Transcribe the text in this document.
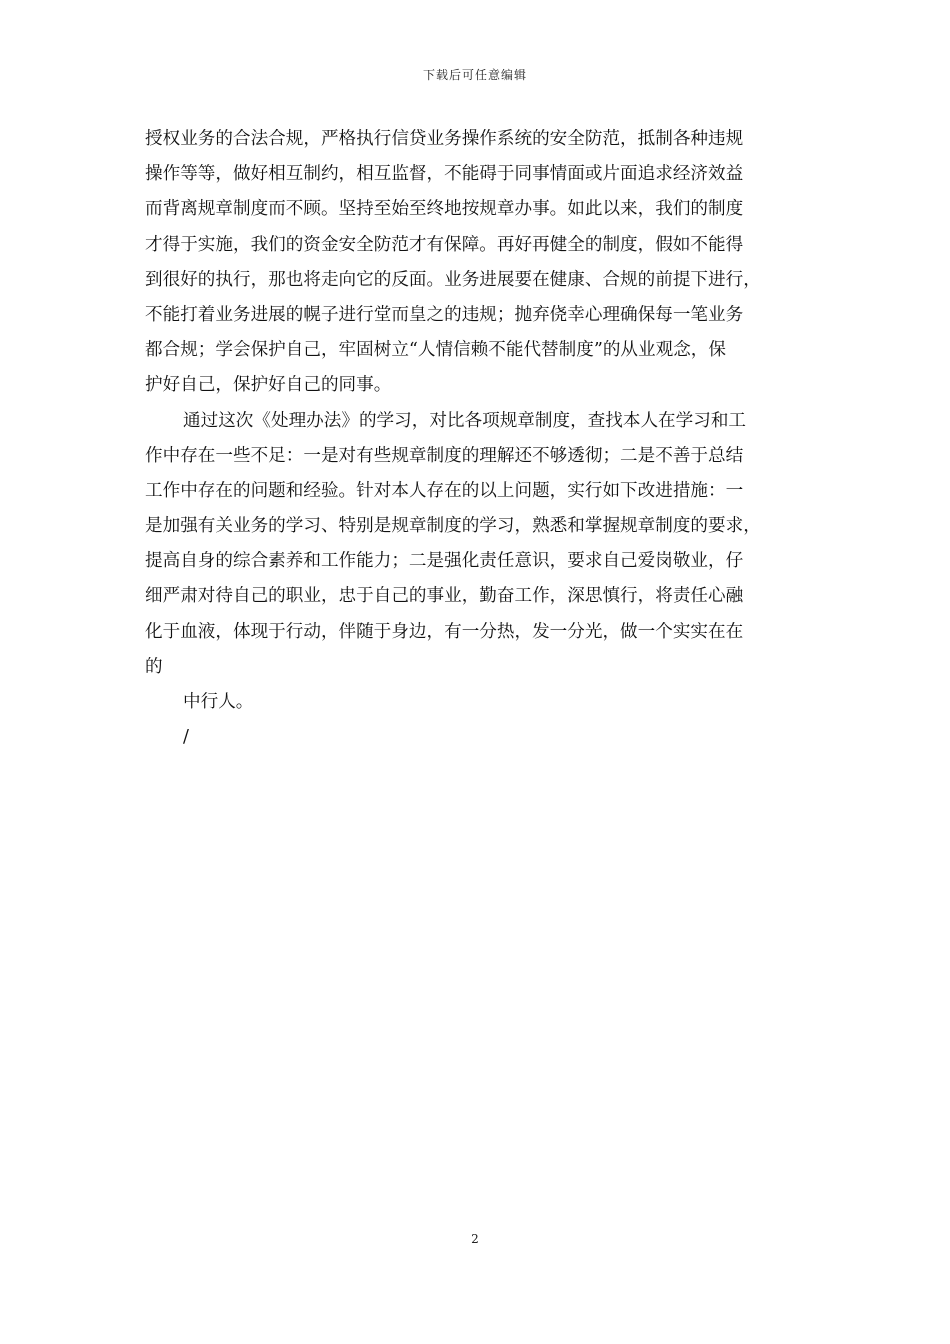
下载后可任意编辑
授权业务的合法合规，严格执行信贷业务操作系统的安全防范，抵制各种违规
操作等等，做好相互制约，相互监督，不能碍于同事情面或片面追求经济效益
而背离规章制度而不顾。坚持至始至终地按规章办事。如此以来，我们的制度
才得于实施，我们的资金安全防范才有保障。再好再健全的制度，假如不能得
到很好的执行，那也将走向它的反面。业务进展要在健康、合规的前提下进行，
不能打着业务进展的幌子进行堂而皇之的违规；抛弃侥幸心理确保每一笔业务
都合规；学会保护自己，牢固树立“人情信赖不能代替制度”的从业观念，保
护好自己，保护好自己的同事。
通过这次《处理办法》的学习，对比各项规章制度，查找本人在学习和工
作中存在一些不足：一是对有些规章制度的理解还不够透彻；二是不善于总结
工作中存在的问题和经验。针对本人存在的以上问题，实行如下改进措施：一
是加强有关业务的学习、特别是规章制度的学习，熟悉和掌握规章制度的要求，
提高自身的综合素养和工作能力；二是强化责任意识，要求自己爱岗敬业，仔
细严肃对待自己的职业，忠于自己的事业，勤奋工作，深思慎行，将责任心融
化于血液，体现于行动，伴随于身边，有一分热，发一分光，做一个实实在在
的
中行人。
/
2
